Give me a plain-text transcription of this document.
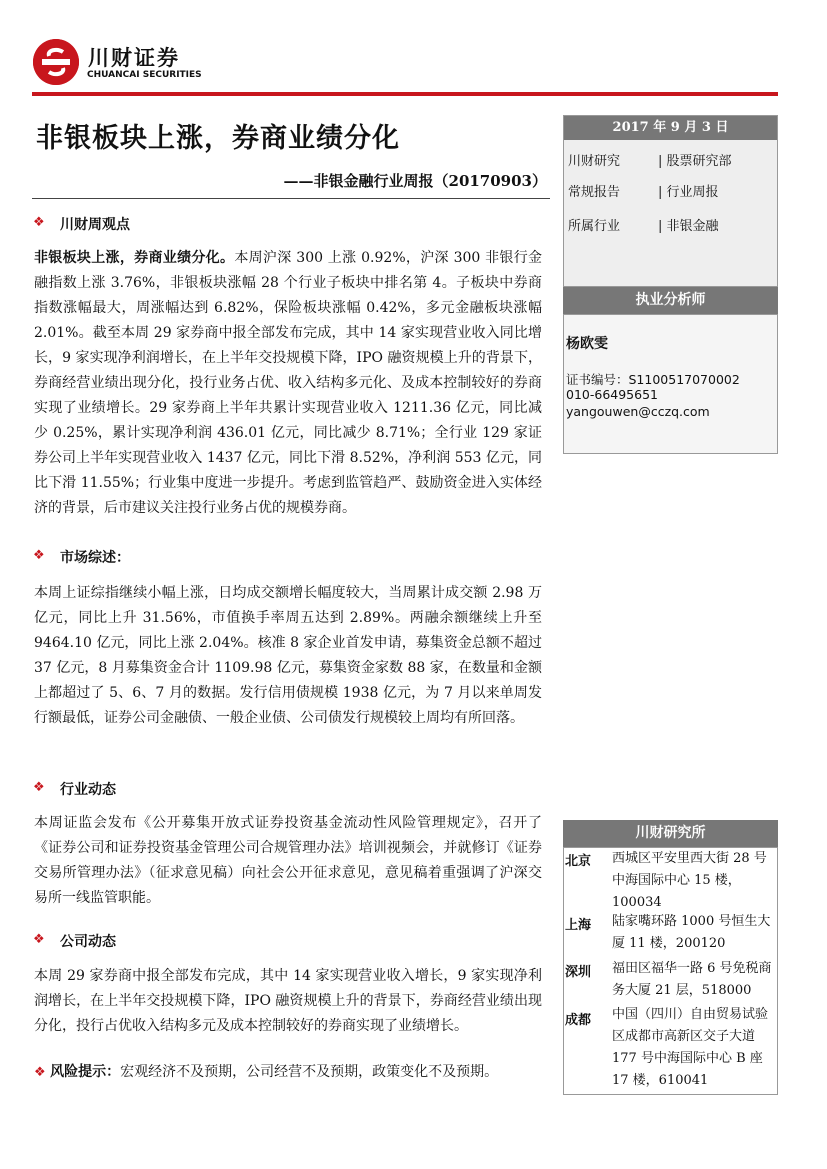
川财证券
CHUANCAI SECURITIES
非银板块上涨，券商业绩分化
——非银金融行业周报（20170903）
2017 年 9 月 3 日
川财研究	| 股票研究部
常规报告	| 行业周报
所属行业	| 非银金融
执业分析师
杨欧雯
证书编号：S1100517070002
010-66495651
yangouwen@cczq.com
川财研究所
北京 西城区平安里西大街 28 号中海国际中心 15 楼，100034
上海 陆家嘴环路 1000 号恒生大厦 11 楼，200120
深圳 福田区福华一路 6 号免税商务大厦 21 层，518000
成都 中国（四川）自由贸易试验区成都市高新区交子大道 177 号中海国际中心 B 座 17 楼，610041
❖ 川财周观点
非银板块上涨，券商业绩分化。本周沪深 300 上涨 0.92%，沪深 300 非银行金融指数上涨 3.76%，非银板块涨幅 28 个行业子板块中排名第 4。子板块中券商指数涨幅最大，周涨幅达到 6.82%，保险板块涨幅 0.42%，多元金融板块涨幅 2.01%。截至本周 29 家券商中报全部发布完成，其中 14 家实现营业收入同比增长，9 家实现净利润增长，在上半年交投规模下降，IPO 融资规模上升的背景下，券商经营业绩出现分化，投行业务占优、收入结构多元化、及成本控制较好的券商实现了业绩增长。29 家券商上半年共累计实现营业收入 1211.36 亿元，同比减少 0.25%，累计实现净利润 436.01 亿元，同比减少 8.71%；全行业 129 家证券公司上半年实现营业收入 1437 亿元，同比下滑 8.52%，净利润 553 亿元，同比下滑 11.55%；行业集中度进一步提升。考虑到监管趋严、鼓励资金进入实体经济的背景，后市建议关注投行业务占优的规模券商。
❖ 市场综述：
本周上证综指继续小幅上涨，日均成交额增长幅度较大，当周累计成交额 2.98 万亿元，同比上升 31.56%，市值换手率周五达到 2.89%。两融余额继续上升至 9464.10 亿元，同比上涨 2.04%。核准 8 家企业首发申请，募集资金总额不超过 37 亿元，8 月募集资金合计 1109.98 亿元，募集资金家数 88 家，在数量和金额上都超过了 5、6、7 月的数据。发行信用债规模 1938 亿元，为 7 月以来单周发行额最低，证券公司金融债、一般企业债、公司债发行规模较上周均有所回落。
❖ 行业动态
本周证监会发布《公开募集开放式证券投资基金流动性风险管理规定》，召开了《证券公司和证券投资基金管理公司合规管理办法》培训视频会，并就修订《证券交易所管理办法》（征求意见稿）向社会公开征求意见，意见稿着重强调了沪深交易所一线监管职能。
❖ 公司动态
本周 29 家券商中报全部发布完成，其中 14 家实现营业收入增长，9 家实现净利润增长，在上半年交投规模下降，IPO 融资规模上升的背景下，券商经营业绩出现分化，投行占优收入结构多元及成本控制较好的券商实现了业绩增长。
❖ 风险提示：宏观经济不及预期，公司经营不及预期，政策变化不及预期。
